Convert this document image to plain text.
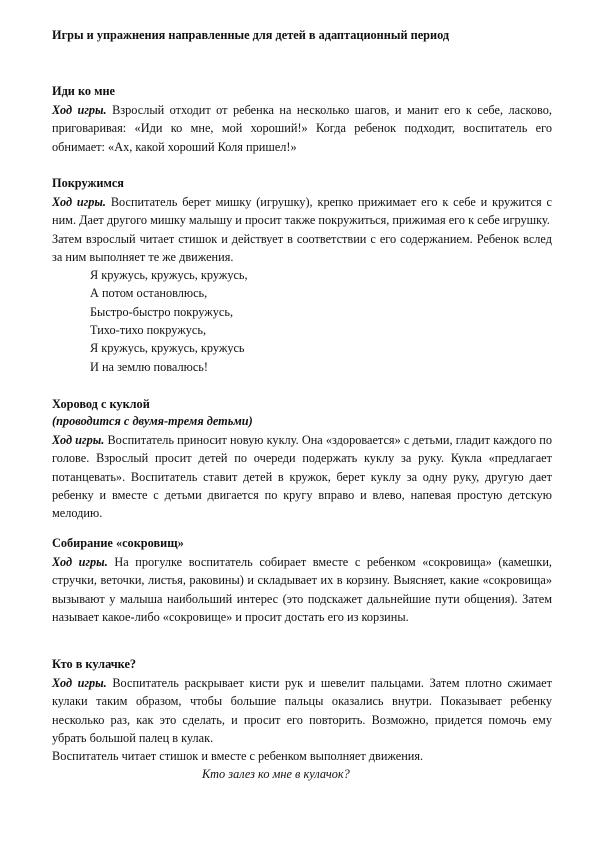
Игры и упражнения направленные для детей в адаптационный период

Иди ко мне

Ход игры. Взрослый отходит от ребенка на несколько шагов, и манит его к себе, ласково, приговаривая: «Иди ко мне, мой хороший!» Когда ребенок подходит, воспитатель его обнимает: «Ах, какой хороший Коля пришел!»

Покружимся

Ход игры. Воспитатель берет мишку (игрушку), крепко прижимает его к себе и кружится с ним. Дает другого мишку малышу и просит также покружиться, прижимая его к себе игрушку.

Затем взрослый читает стишок и действует в соответствии с его содержанием. Ребенок вслед за ним выполняет те же движения.

Я кружусь, кружусь, кружусь,
А потом остановлюсь,
Быстро-быстро покружусь,
Тихо-тихо покружусь,
Я кружусь, кружусь, кружусь
И на землю повалюсь!

Хоровод с куклой

(проводится с двумя-тремя детьми)

Ход игры. Воспитатель приносит новую куклу. Она «здоровается» с детьми, гладит каждого по голове. Взрослый просит детей по очереди подержать куклу за руку. Кукла «предлагает потанцевать». Воспитатель ставит детей в кружок, берет куклу за одну руку, другую дает ребенку и вместе с детьми двигается по кругу вправо и влево, напевая простую детскую мелодию.

Собирание «сокровищ»

Ход игры. На прогулке воспитатель собирает вместе с ребенком «сокровища» (камешки, стручки, веточки, листья, раковины) и складывает их в корзину. Выясняет, какие «сокровища» вызывают у малыша наибольший интерес (это подскажет дальнейшие пути общения). Затем называет какое-либо «сокровище» и просит достать его из корзины.

Кто в кулачке?

Ход игры. Воспитатель раскрывает кисти рук и шевелит пальцами. Затем плотно сжимает кулаки таким образом, чтобы большие пальцы оказались внутри. Показывает ребенку несколько раз, как это сделать, и просит его повторить. Возможно, придется помочь ему убрать большой палец в кулак.

Воспитатель читает стишок и вместе с ребенком выполняет движения.

Кто залез ко мне в кулачок?
